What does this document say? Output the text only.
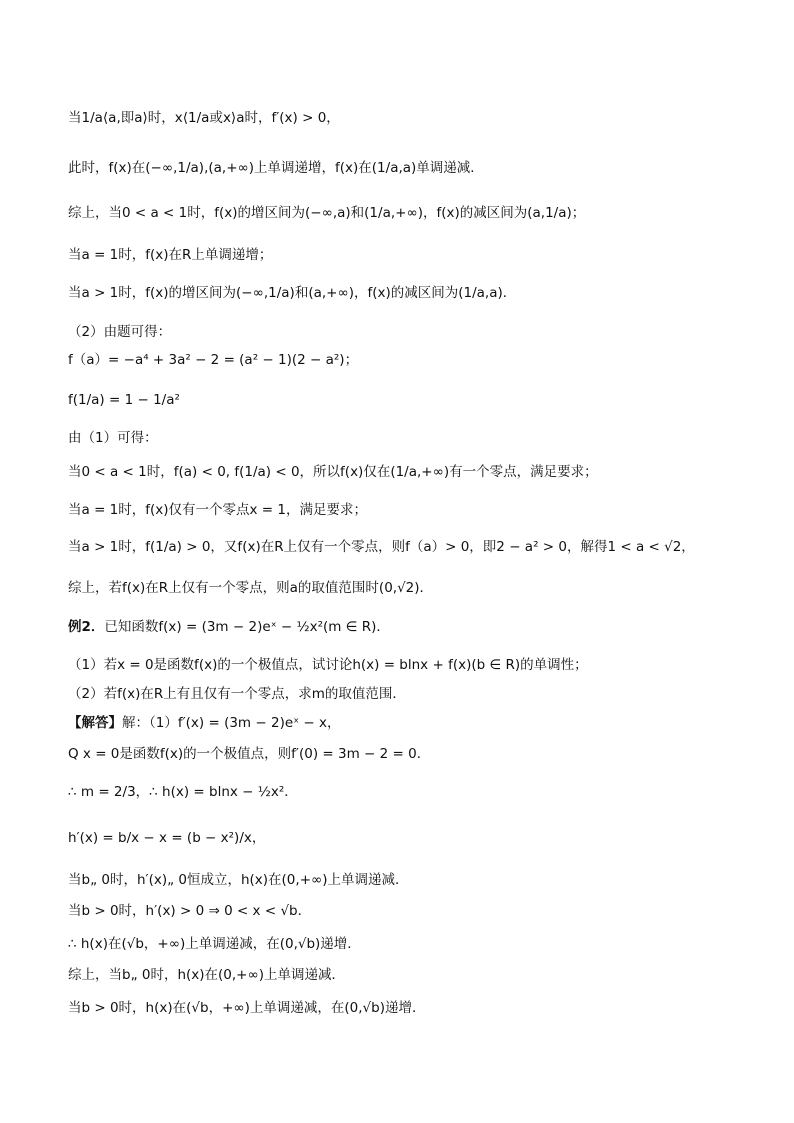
当1/a⟨a,即a⟩时，x⟨1/a或x⟩a时，f′(x) > 0，
此时，f(x)在(−∞,1/a),(a,+∞)上单调递增，f(x)在(1/a,a)单调递减．
综上，当0 < a < 1时，f(x)的增区间为(−∞,a)和(1/a,+∞)，f(x)的减区间为(a,1/a)；
当a = 1时，f(x)在R上单调递增；
当a > 1时，f(x)的增区间为(−∞,1/a)和(a,+∞)，f(x)的减区间为(1/a,a)．
（2）由题可得：
f（a）= −a⁴ + 3a² − 2 = (a² − 1)(2 − a²)；
f(1/a) = 1 − 1/a²
由（1）可得：
当0 < a < 1时，f(a) < 0, f(1/a) < 0，所以f(x)仅在(1/a,+∞)有一个零点，满足要求；
当a = 1时，f(x)仅有一个零点x = 1，满足要求；
当a > 1时，f(1/a) > 0，又f(x)在R上仅有一个零点，则f（a）> 0，即2 − a² > 0，解得1 < a < √2，
综上，若f(x)在R上仅有一个零点，则a的取值范围时(0,√2)．
例2．已知函数f(x) = (3m − 2)eˣ − ½x²(m ∈ R)．
（1）若x = 0是函数f(x)的一个极值点，试讨论h(x) = blnx + f(x)(b ∈ R)的单调性；
（2）若f(x)在R上有且仅有一个零点，求m的取值范围．
【解答】解：（1）f′(x) = (3m − 2)eˣ − x，
Q x = 0是函数f(x)的一个极值点，则f′(0) = 3m − 2 = 0．
∴ m = 2/3，∴ h(x) = blnx − ½x²．
h′(x) = b/x − x = (b − x²)/x，
当b„ 0时，h′(x)„ 0恒成立，h(x)在(0,+∞)上单调递减．
当b > 0时，h′(x) > 0 ⇒ 0 < x < √b．
∴ h(x)在(√b，+∞)上单调递减，在(0,√b)递增．
综上，当b„ 0时，h(x)在(0,+∞)上单调递减．
当b > 0时，h(x)在(√b，+∞)上单调递减，在(0,√b)递增．
